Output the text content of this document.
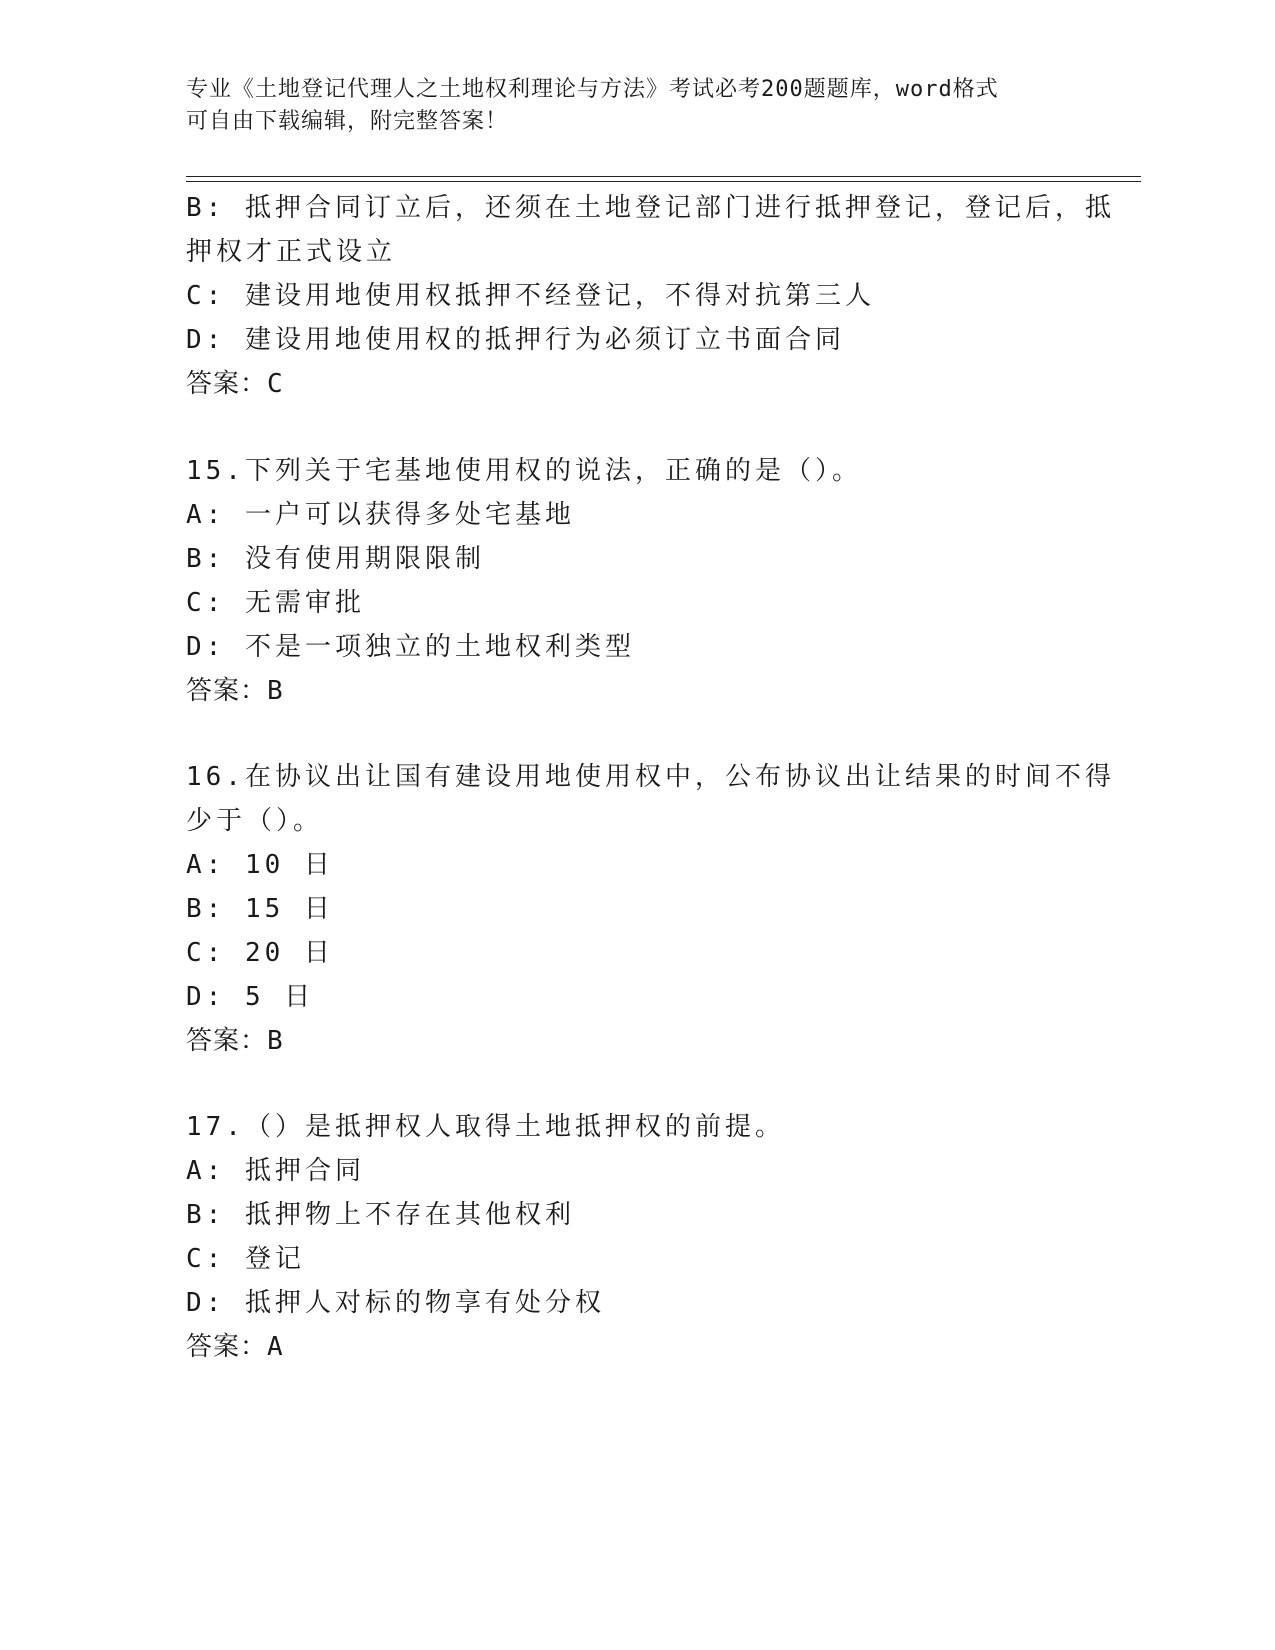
专业《土地登记代理人之土地权利理论与方法》考试必考200题题库，word格式
可自由下载编辑，附完整答案！
B: 抵押合同订立后，还须在土地登记部门进行抵押登记，登记后，抵
押权才正式设立
C: 建设用地使用权抵押不经登记，不得对抗第三人
D: 建设用地使用权的抵押行为必须订立书面合同
答案：C
15.下列关于宅基地使用权的说法，正确的是（）。
A: 一户可以获得多处宅基地
B: 没有使用期限限制
C: 无需审批
D: 不是一项独立的土地权利类型
答案：B
16.在协议出让国有建设用地使用权中，公布协议出让结果的时间不得
少于（）。
A: 10 日
B: 15 日
C: 20 日
D: 5 日
答案：B
17.（）是抵押权人取得土地抵押权的前提。
A: 抵押合同
B: 抵押物上不存在其他权利
C: 登记
D: 抵押人对标的物享有处分权
答案：A
